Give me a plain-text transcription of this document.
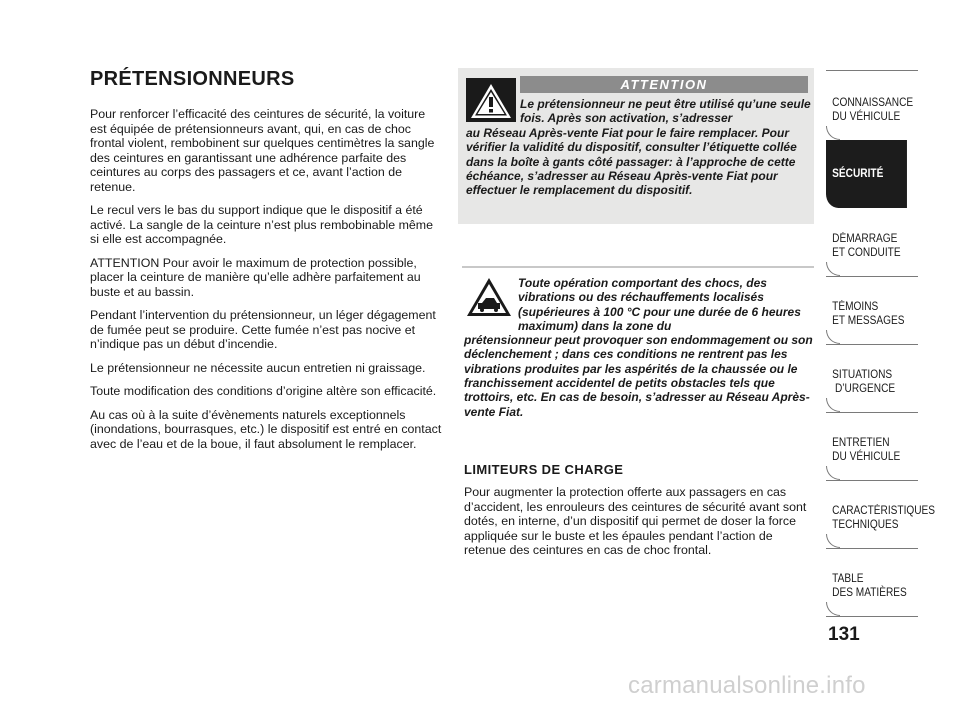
PRÉTENSIONNEURS

Pour renforcer l’efficacité des ceintures de sécurité, la voiture est équipée de prétensionneurs avant, qui, en cas de choc frontal violent, rembobinent sur quelques centimètres la sangle des ceintures en garantissant une adhérence parfaite des ceintures au corps des passagers et ce, avant l’action de retenue.

Le recul vers le bas du support indique que le dispositif a été activé. La sangle de la ceinture n’est plus rembobinable même si elle est accompagnée.

ATTENTION Pour avoir le maximum de protection possible, placer la ceinture de manière qu’elle adhère parfaitement au buste et au bassin.

Pendant l’intervention du prétensionneur, un léger dégagement de fumée peut se produire. Cette fumée n’est pas nocive et n’indique pas un début d’incendie.

Le prétensionneur ne nécessite aucun entretien ni graissage.

Toute modification des conditions d’origine altère son efficacité.

Au cas où à la suite d’évènements naturels exceptionnels (inondations, bourrasques, etc.) le dispositif est entré en contact avec de l’eau et de la boue, il faut absolument le remplacer.

ATTENTION
Le prétensionneur ne peut être utilisé qu’une seule fois. Après son activation, s’adresser
au Réseau Après-vente Fiat pour le faire remplacer. Pour vérifier la validité du dispositif, consulter l’étiquette collée dans la boîte à gants côté passager: à l’approche de cette échéance, s’adresser au Réseau Après-vente Fiat pour effectuer le remplacement du dispositif.
Toute opération comportant des chocs, des vibrations ou des réchauffements localisés (supérieures à 100 °C pour une durée de 6 heures maximum) dans la zone du
prétensionneur peut provoquer son endommagement ou son déclenchement ; dans ces conditions ne rentrent pas les vibrations produites par les aspérités de la chaussée ou le franchissement accidentel de petits obstacles tels que trottoirs, etc. En cas de besoin, s’adresser au Réseau Après-vente Fiat.
LIMITEURS DE CHARGE
Pour augmenter la protection offerte aux passagers en cas d’accident, les enrouleurs des ceintures de sécurité avant sont dotés, en interne, d’un dispositif qui permet de doser la force appliquée sur le buste et les épaules pendant l’action de retenue des ceintures en cas de choc frontal.
CONNAISSANCE
DU VÉHICULE
SÉCURITÉ
DÉMARRAGE
ET CONDUITE
TÉMOINS
ET MESSAGES
SITUATIONS
D’URGENCE
ENTRETIEN
DU VÉHICULE
CARACTÉRISTIQUES
TECHNIQUES
TABLE
DES MATIÈRES
131
carmanualsonline.info
